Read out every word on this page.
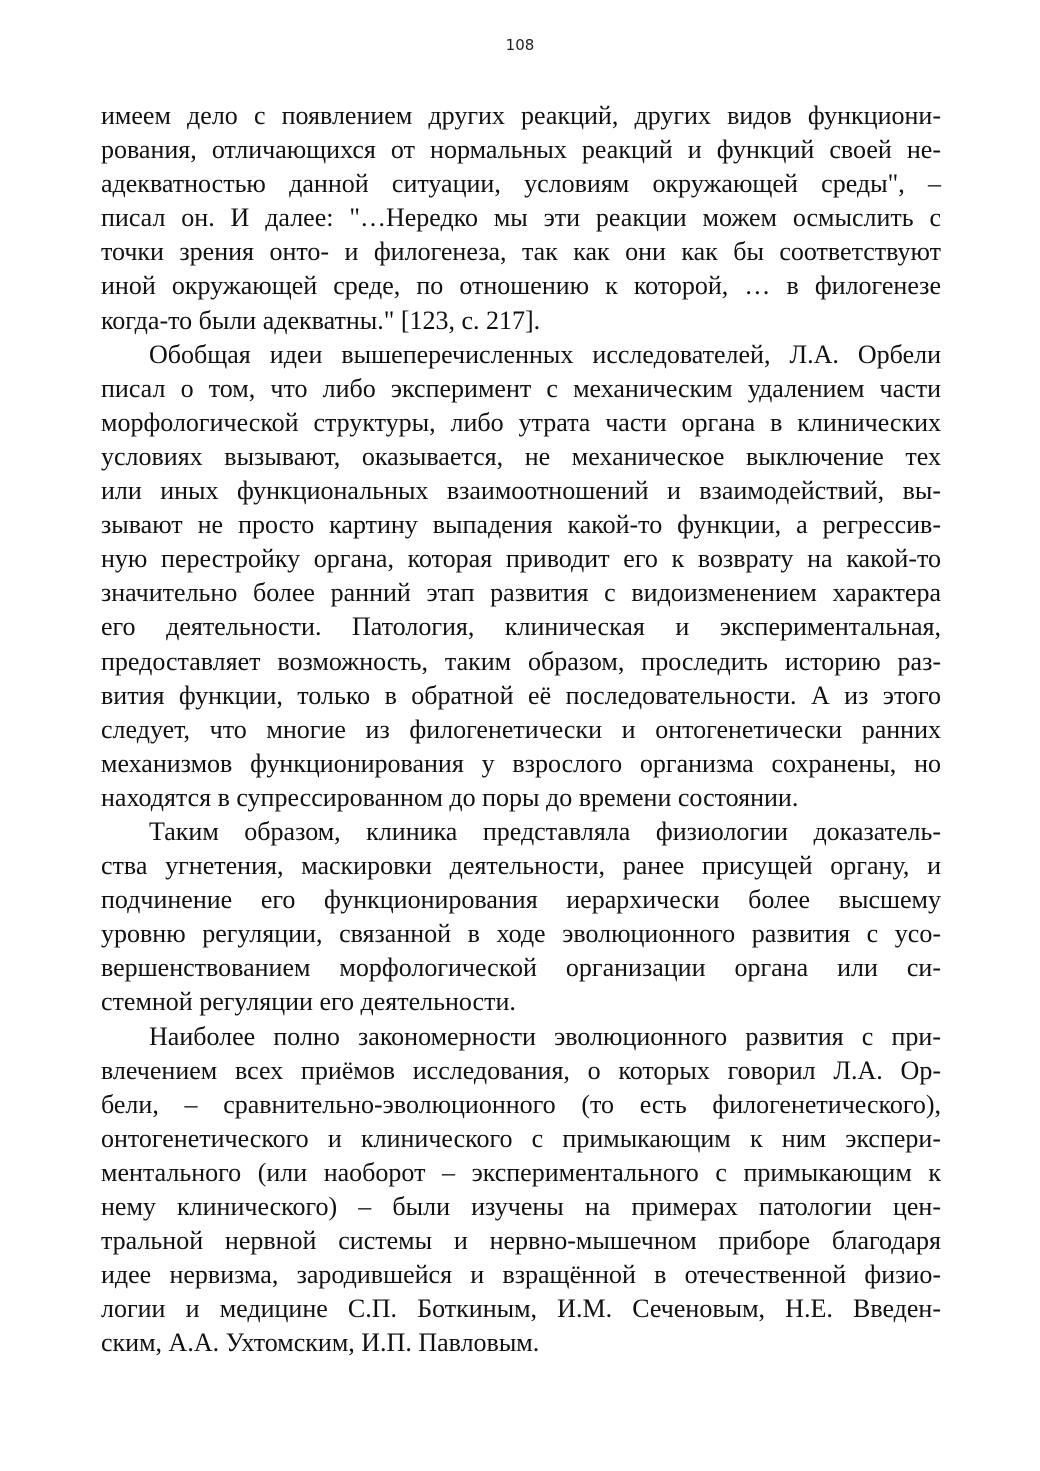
108
имеем дело с появлением других реакций, других видов функциони-
рования, отличающихся от нормальных реакций и функций своей не-
адекватностью данной ситуации, условиям окружающей среды", –
писал он. И далее: "…Нередко мы эти реакции можем осмыслить с
точки зрения онто- и филогенеза, так как они как бы соответствуют
иной окружающей среде, по отношению к которой, … в филогенезе
когда-то были адекватны." [123, с. 217].
Обобщая идеи вышеперечисленных исследователей, Л.А. Орбели
писал о том, что либо эксперимент с механическим удалением части
морфологической структуры, либо утрата части органа в клинических
условиях вызывают, оказывается, не механическое выключение тех
или иных функциональных взаимоотношений и взаимодействий, вы-
зывают не просто картину выпадения какой-то функции, а регрессив-
ную перестройку органа, которая приводит его к возврату на какой-то
значительно более ранний этап развития с видоизменением характера
его деятельности. Патология, клиническая и экспериментальная,
предоставляет возможность, таким образом, проследить историю раз-
вития функции, только в обратной её последовательности. А из этого
следует, что многие из филогенетически и онтогенетически ранних
механизмов функционирования у взрослого организма сохранены, но
находятся в супрессированном до поры до времени состоянии.
Таким образом, клиника представляла физиологии доказатель-
ства угнетения, маскировки деятельности, ранее присущей органу, и
подчинение его функционирования иерархически более высшему
уровню регуляции, связанной в ходе эволюционного развития с усо-
вершенствованием морфологической организации органа или си-
стемной регуляции его деятельности.
Наиболее полно закономерности эволюционного развития с при-
влечением всех приёмов исследования, о которых говорил Л.А. Ор-
бели, – сравнительно-эволюционного (то есть филогенетического),
онтогенетического и клинического с примыкающим к ним экспери-
ментального (или наоборот – экспериментального с примыкающим к
нему клинического) – были изучены на примерах патологии цен-
тральной нервной системы и нервно-мышечном приборе благодаря
идее нервизма, зародившейся и взращённой в отечественной физио-
логии и медицине С.П. Боткиным, И.М. Сеченовым, Н.Е. Введен-
ским, А.А. Ухтомским, И.П. Павловым.
